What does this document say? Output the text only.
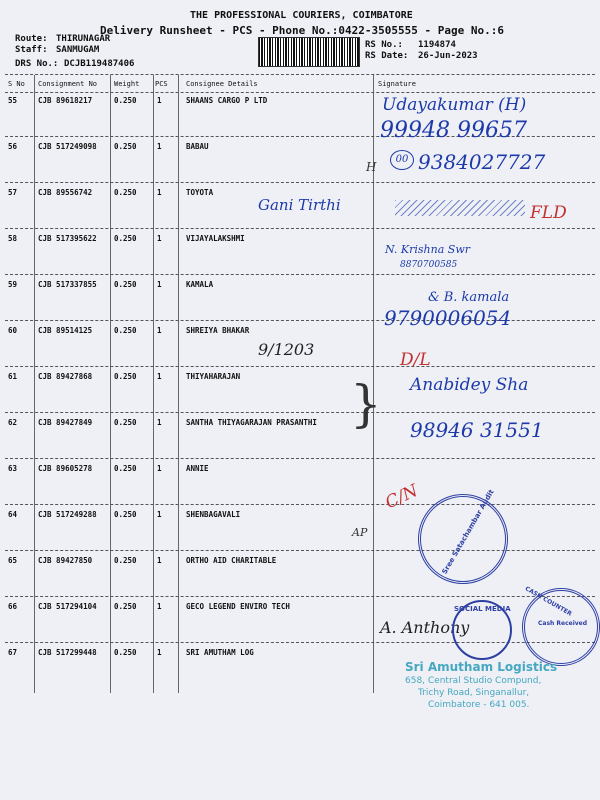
THE PROFESSIONAL COURIERS, COIMBATORE
Delivery Runsheet - PCS - Phone No.:0422-3505555 - Page No.:6
Route: THIRUNAGAR
Staff: SANMUGAM
DRS No.: DCJB119487406
RS No.: 1194874
RS Date: 26-Jun-2023
S No Consignment No Weight PCS	Consignee Details	Signature
55	CJB 89618217	0.250	1	SHAANS CARGO P LTD
56	CJB 517249098 0.250	1	BABAU
57	CJB 89556742	0.250	1	TOYOTA
58	CJB 517395622 0.250	1	VIJAYALAKSHMI
59	CJB 517337855 0.250	1	KAMALA
60	CJB 89514125	0.250	1	SHREIYA BHAKAR
61	CJB 89427868	0.250	1	THIYAHARAJAN
62	CJB 89427849	0.250	1	SANTHA THIYAGARAJAN PRASANTHI
63	CJB 89605278	0.250	1	ANNIE
64	CJB 517249288 0.250	1	SHENBAGAVALI
65	CJB 89427850	0.250	1	ORTHO AID CHARITABLE
66	CJB 517294104 0.250	1	GECO LEGEND ENVIRO TECH
67	CJB 517299448 0.250	1	SRI AMUTHAM LOG
Udayakumar (H)
99948 99657
H
00 9384027727
Gani Tirthi	FLD
N. Krishna Swr
8870700585
& B. kamala
9790006054
9/1203
D/L
Anabidey Sha
} 98946 31551
C/N
AP
A. Anthony
Sree Satachambar Audit
SOCIAL MEDIA CASH COUNTER
Cash Received
Sri Amutham Logistics
658, Central Studio Compund,
Trichy Road, Singanallur,
Coimbatore - 641 005.
